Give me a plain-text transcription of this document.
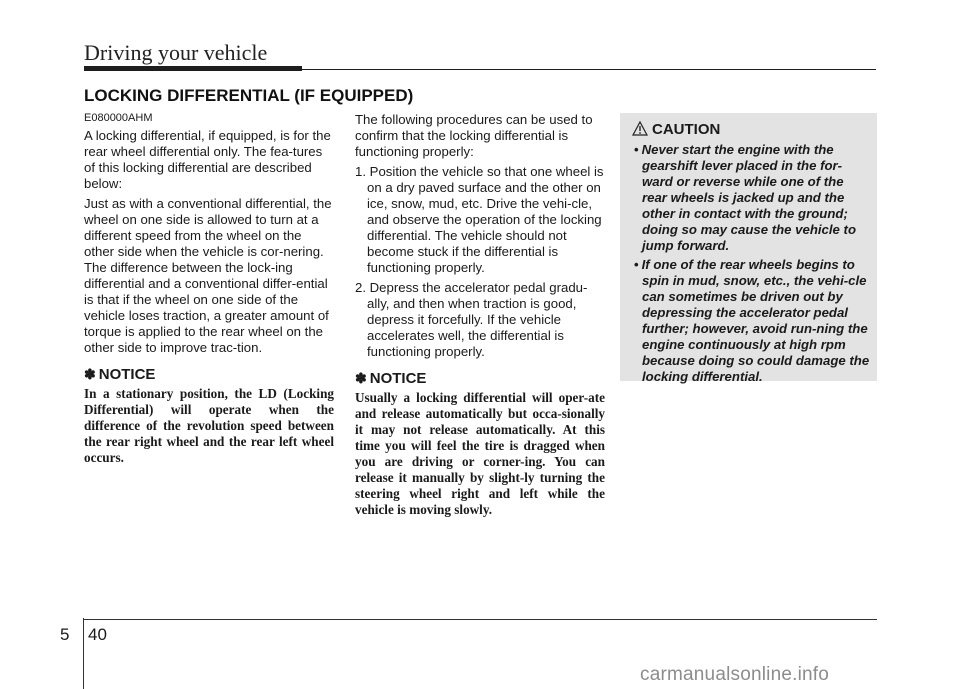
Driving your vehicle
LOCKING DIFFERENTIAL (IF EQUIPPED)

E080000AHM

A locking differential, if equipped, is for the rear wheel differential only. The fea-tures of this locking differential are described below:

Just as with a conventional differential, the wheel on one side is allowed to turn at a different speed from the wheel on the other side when the vehicle is cor-nering. The difference between the lock-ing differential and a conventional differ-ential is that if the wheel on one side of the vehicle loses traction, a greater amount of torque is applied to the rear wheel on the other side to improve trac-tion.

✽ NOTICE

In a stationary position, the LD (Locking Differential) will operate when the difference of the revolution speed between the rear right wheel and the rear left wheel occurs.

The following procedures can be used to confirm that the locking differential is functioning properly:

1. Position the vehicle so that one wheel is on a dry paved surface and the other on ice, snow, mud, etc. Drive the vehi-cle, and observe the operation of the locking differential. The vehicle should not become stuck if the differential is functioning properly.
2. Depress the accelerator pedal gradu-ally, and then when traction is good, depress it forcefully. If the vehicle accelerates well, the differential is functioning properly.
✽ NOTICE

Usually a locking differential will oper-ate and release automatically but occa-sionally it may not release automatically. At this time you will feel the tire is dragged when you are driving or corner-ing. You can release it manually by slight-ly turning the steering wheel right and left while the vehicle is moving slowly.

CAUTION
• Never start the engine with the gearshift lever placed in the for-ward or reverse while one of the rear wheels is jacked up and the other in contact with the ground; doing so may cause the vehicle to jump forward.
• If one of the rear wheels begins to spin in mud, snow, etc., the vehi-cle can sometimes be driven out by depressing the accelerator pedal further; however, avoid run-ning the engine continuously at high rpm because doing so could damage the locking differential.
5 40
carmanualsonline.info
